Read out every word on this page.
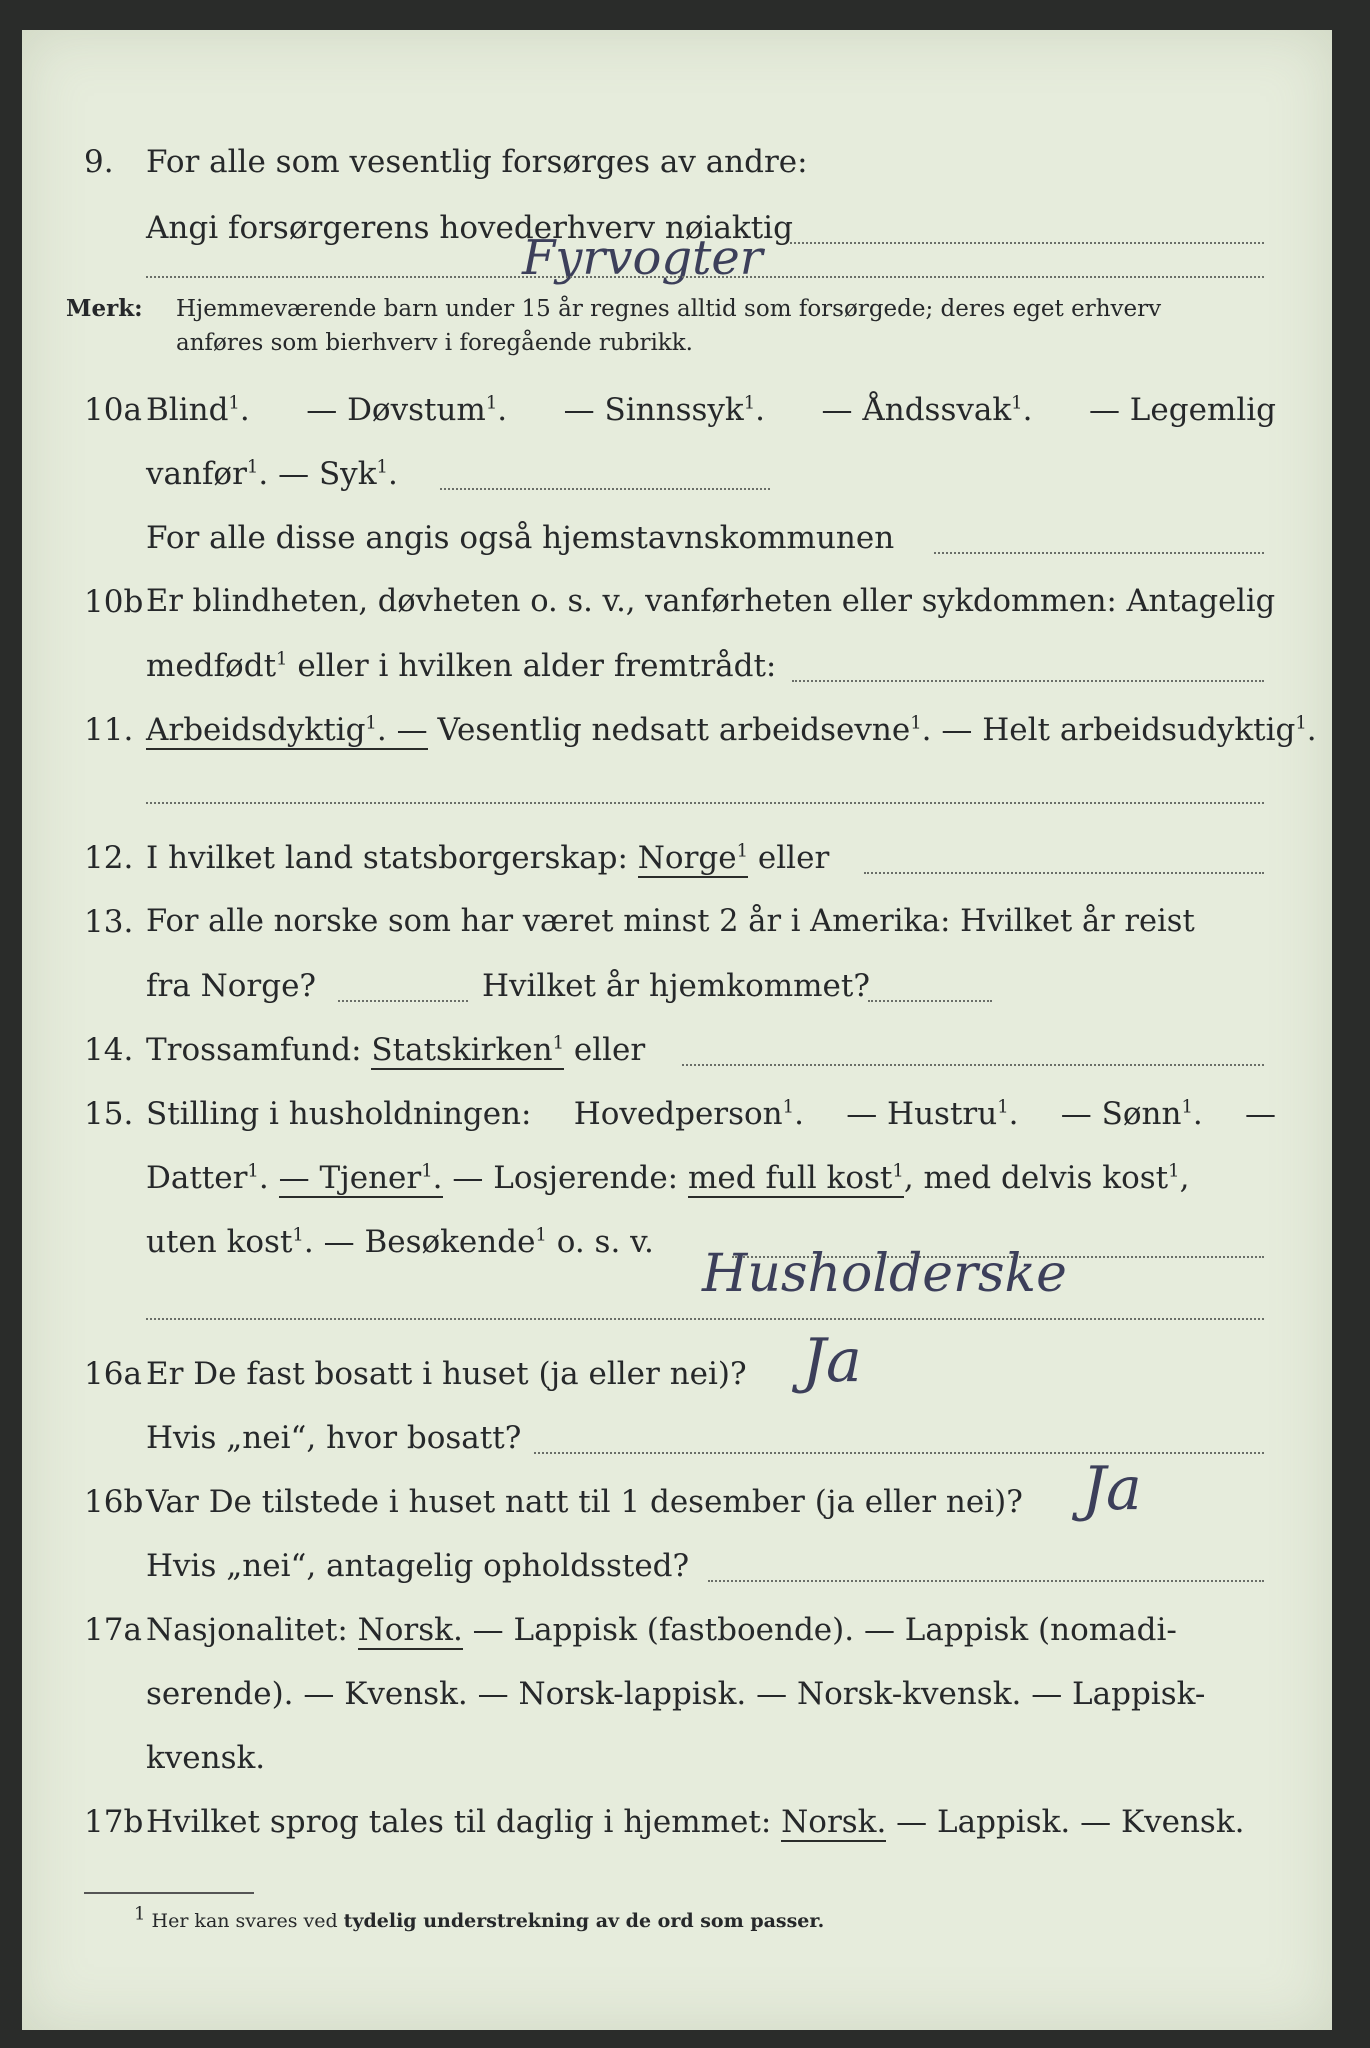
9. For alle som vesentlig forsørges av andre:
Angi forsørgerens hovederhverv nøiaktig
Fyrvogter
Merk: Hjemmeværende barn under 15 år regnes alltid som forsørgede; deres eget erhverv
anføres som bierhverv i foregående rubrikk.
10a Blind$^1$. — Døvstum$^1$. — Sinnssyk$^1$. — Åndssvak$^1$. — Legemlig
vanfør$^1$. — Syk$^1$.
For alle disse angis også hjemstavnskommunen
10b Er blindheten, døvheten o. s. v., vanførheten eller sykdommen: Antagelig
medfødt$^1$ eller i hvilken alder fremtrådt:
11. Arbeidsdyktig$^1$. — Vesentlig nedsatt arbeidsevne$^1$. — Helt arbeidsudyktig$^1$.
12. I hvilket land statsborgerskap: Norge$^1$ eller
13. For alle norske som har været minst 2 år i Amerika: Hvilket år reist
fra Norge?	Hvilket år hjemkommet?
14. Trossamfund: Statskirken$^1$ eller
15. Stilling i husholdningen: Hovedperson$^1$. — Hustru$^1$. — Sønn$^1$. —
Datter$^1$. — Tjener$^1$. — Losjerende: med full kost$^1$, med delvis kost$^1$,
uten kost$^1$. — Besøkende$^1$ o. s. v.
Husholderske
16a Er De fast bosatt i huset (ja eller nei)? Ja
Hvis „nei“, hvor bosatt?
16b Var De tilstede i huset natt til 1 desember (ja eller nei)? Ja
Hvis „nei“, antagelig opholdssted?
17a Nasjonalitet: Norsk. — Lappisk (fastboende). — Lappisk (nomadi-
serende). — Kvensk. — Norsk-lappisk. — Norsk-kvensk. — Lappisk-
kvensk.
17b Hvilket sprog tales til daglig i hjemmet: Norsk. — Lappisk. — Kvensk.
1 Her kan svares ved tydelig understrekning av de ord som passer.
